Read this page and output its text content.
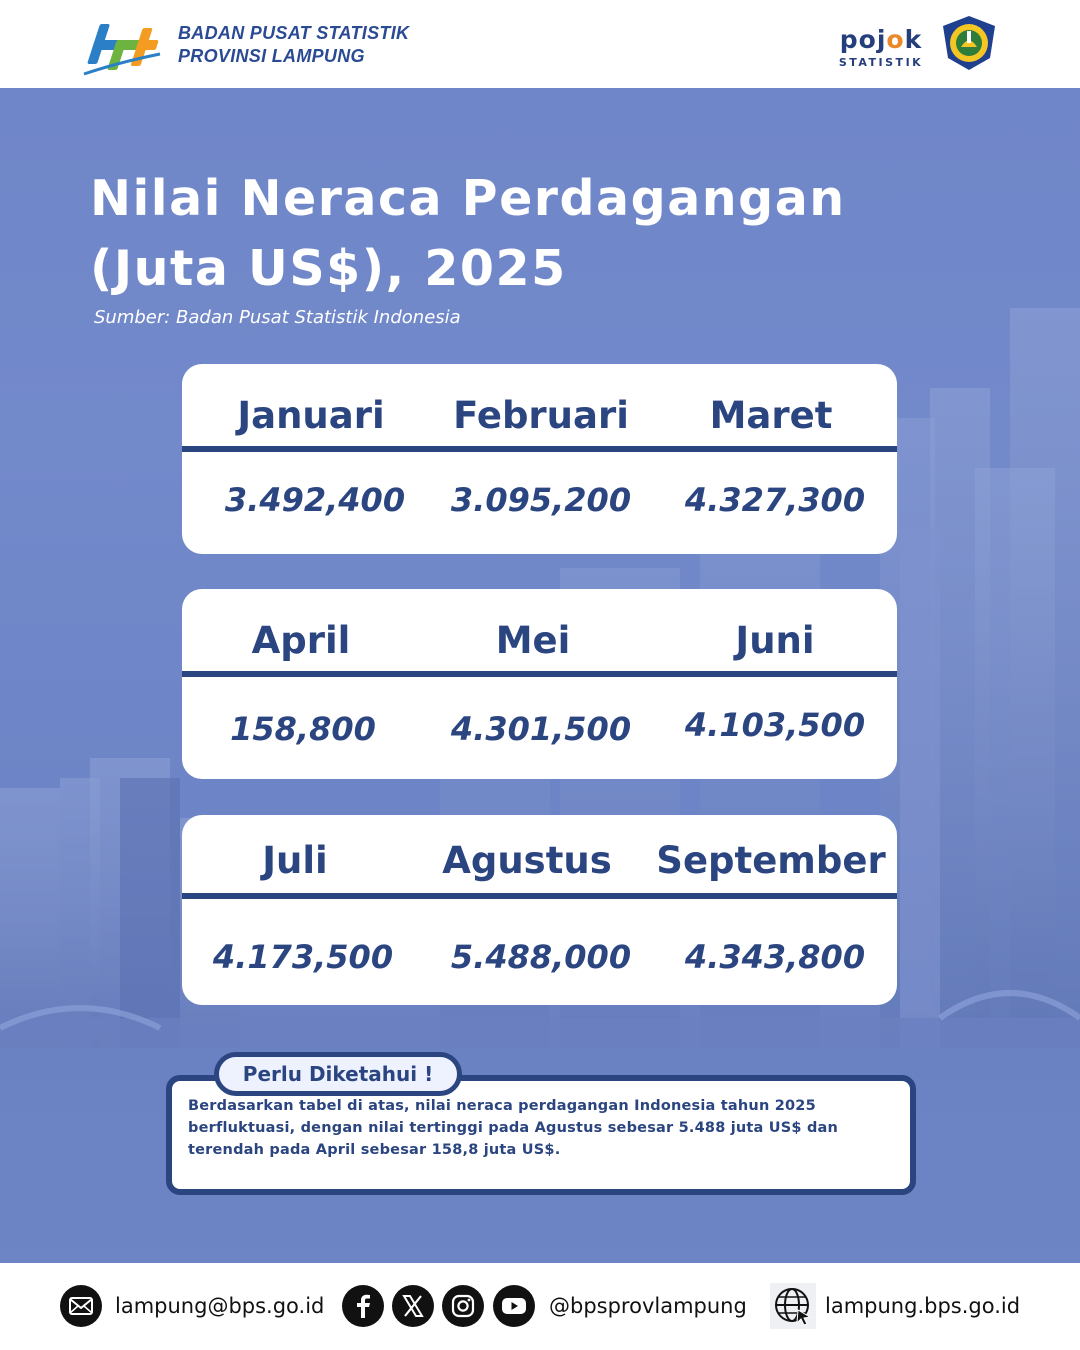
BADAN PUSAT STATISTIK
PROVINSI LAMPUNG
pojok
STATISTIK
Nilai Neraca Perdagangan
(Juta US$), 2025
Sumber: Badan Pusat Statistik Indonesia
Januari	Februari	Maret
3.492,400	3.095,200	4.327,300
April	Mei	Juni
158,800	4.301,500	4.103,500
Juli	Agustus	September
4.173,500	5.488,000	4.343,800
Berdasarkan tabel di atas, nilai neraca perdagangan Indonesia tahun 2025
berfluktuasi, dengan nilai tertinggi pada Agustus sebesar 5.488 juta US$ dan
terendah pada April sebesar 158,8 juta US$.
Perlu Diketahui !
lampung@bps.go.id	@bpsprovlampung	lampung.bps.go.id
